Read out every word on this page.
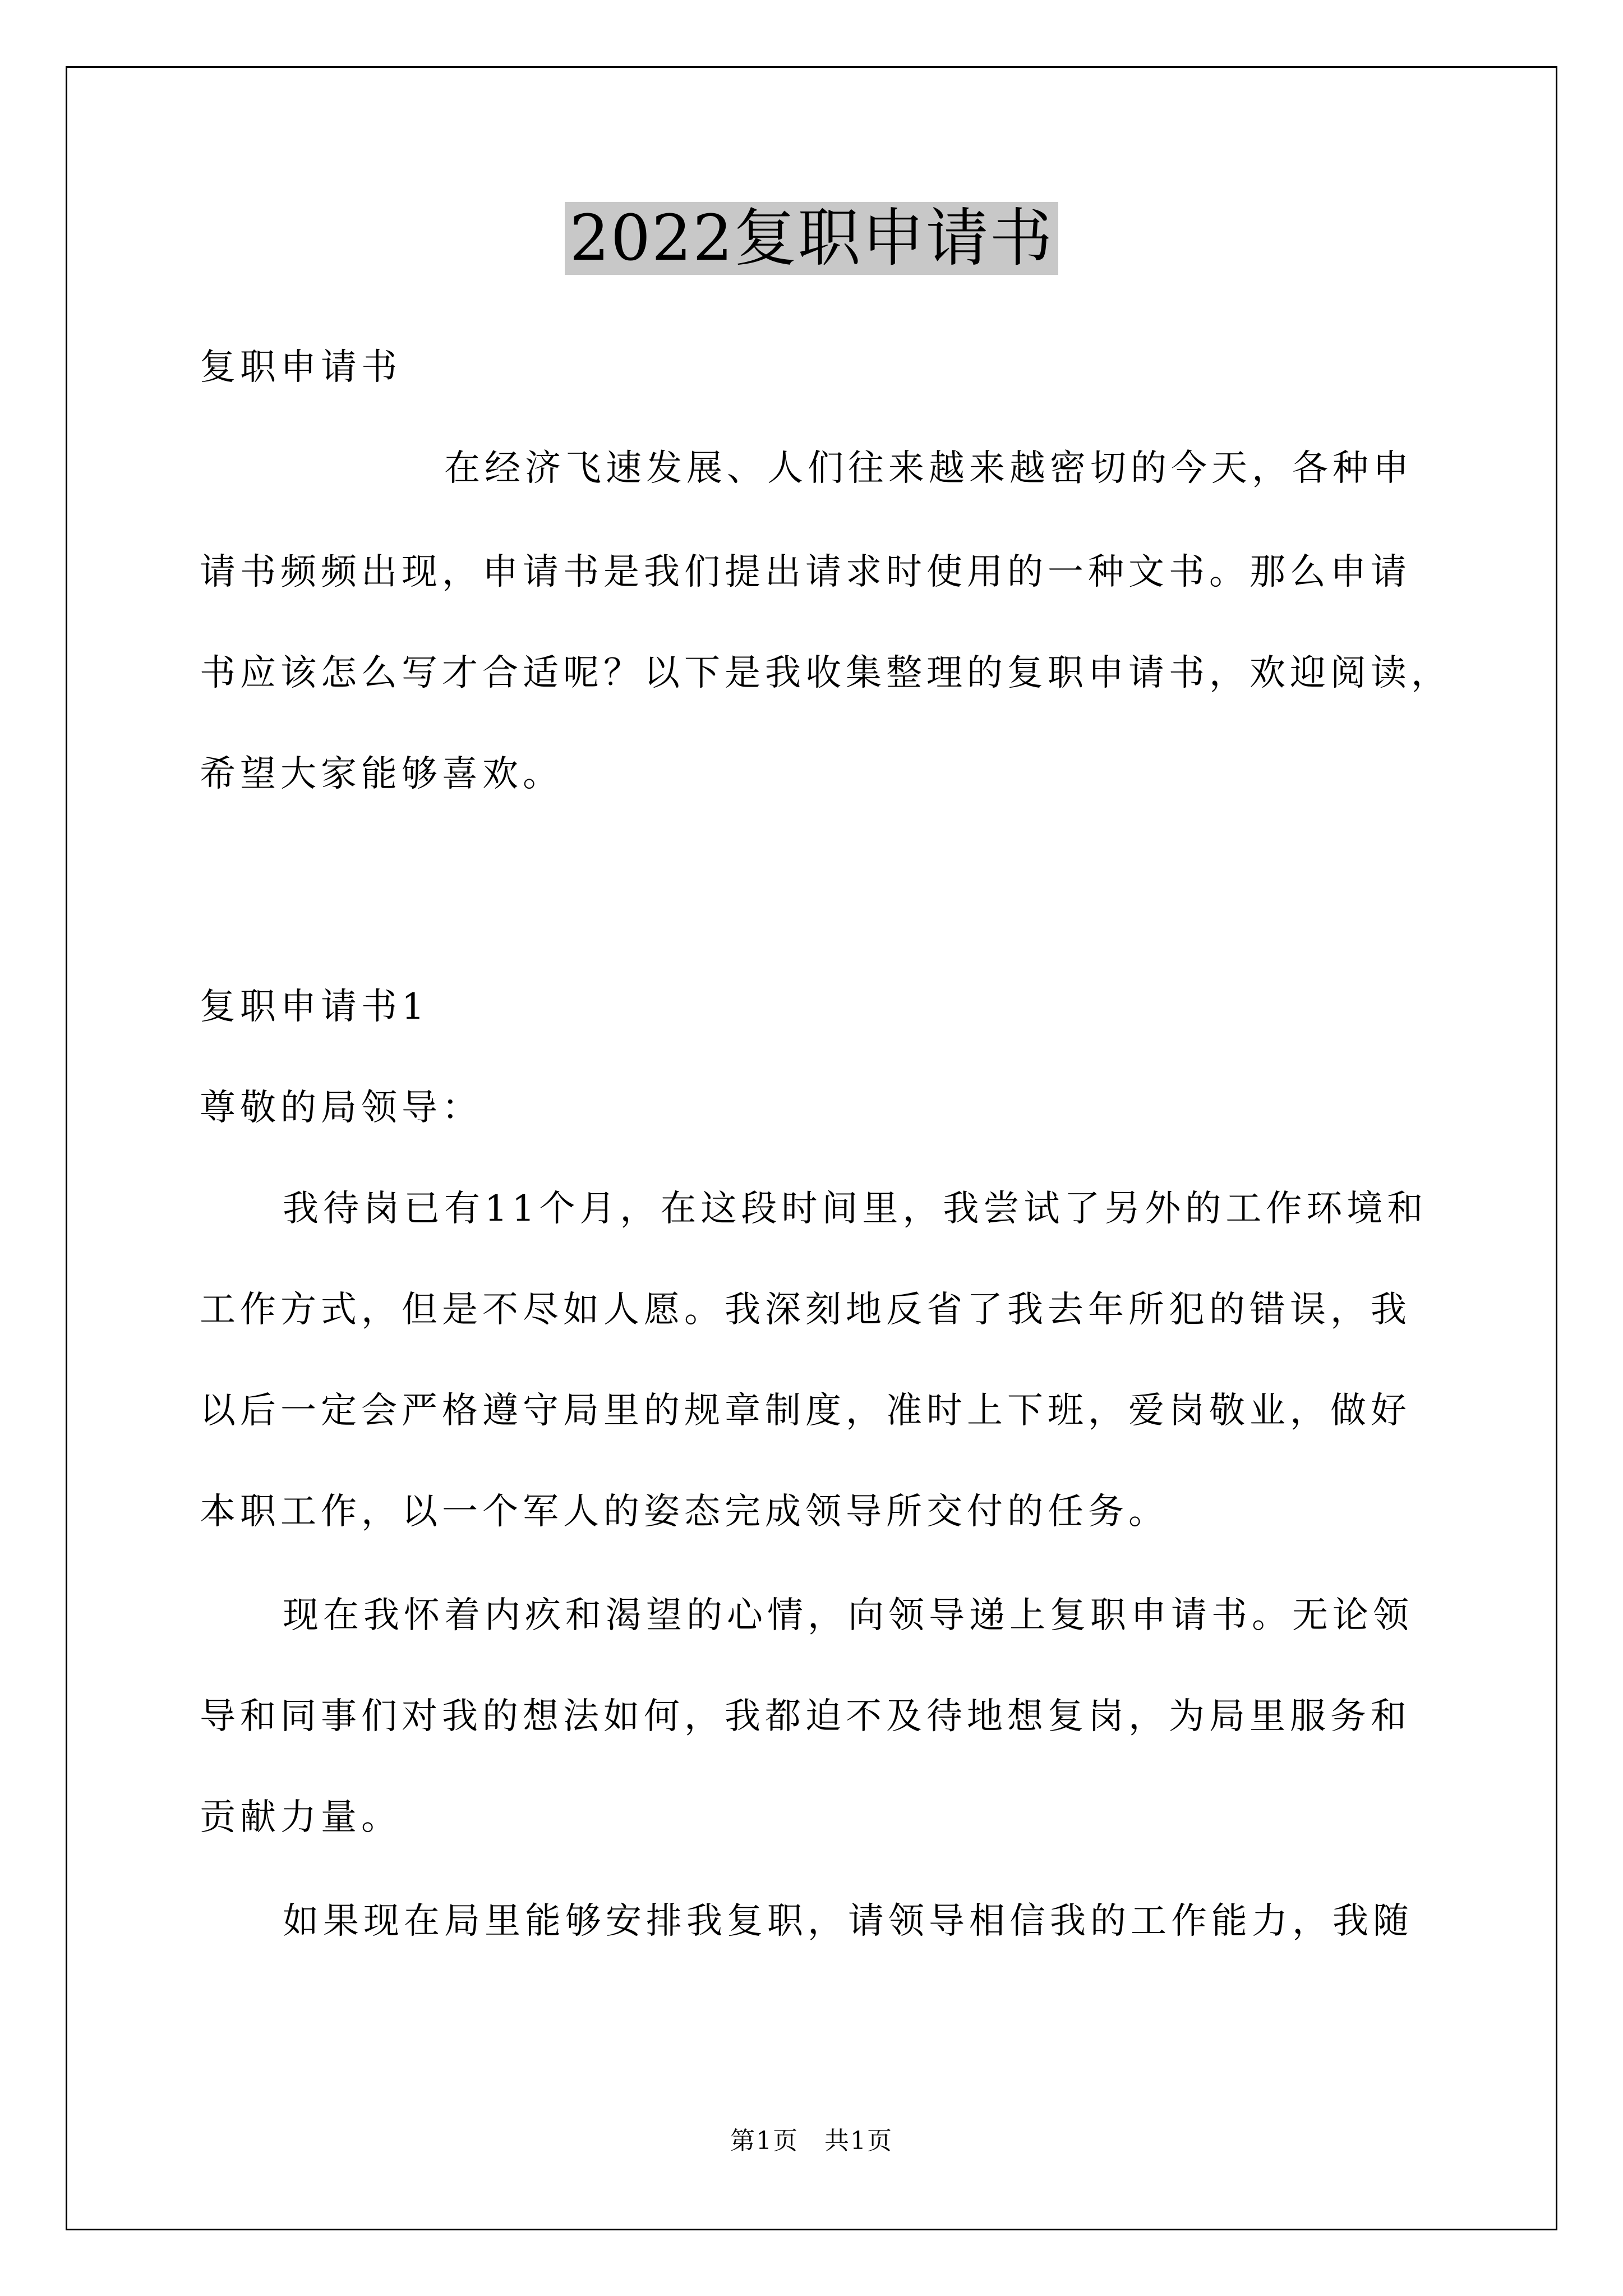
2022复职申请书
复职申请书
在经济飞速发展、人们往来越来越密切的今天，各种申
请书频频出现，申请书是我们提出请求时使用的一种文书。那么申请
书应该怎么写才合适呢？以下是我收集整理的复职申请书，欢迎阅读，
希望大家能够喜欢。
复职申请书1
尊敬的局领导：
我待岗已有11个月，在这段时间里，我尝试了另外的工作环境和
工作方式，但是不尽如人愿。我深刻地反省了我去年所犯的错误，我
以后一定会严格遵守局里的规章制度，准时上下班，爱岗敬业，做好
本职工作，以一个军人的姿态完成领导所交付的任务。
现在我怀着内疚和渴望的心情，向领导递上复职申请书。无论领
导和同事们对我的想法如何，我都迫不及待地想复岗，为局里服务和
贡献力量。
如果现在局里能够安排我复职，请领导相信我的工作能力，我随
第1页　共1页
